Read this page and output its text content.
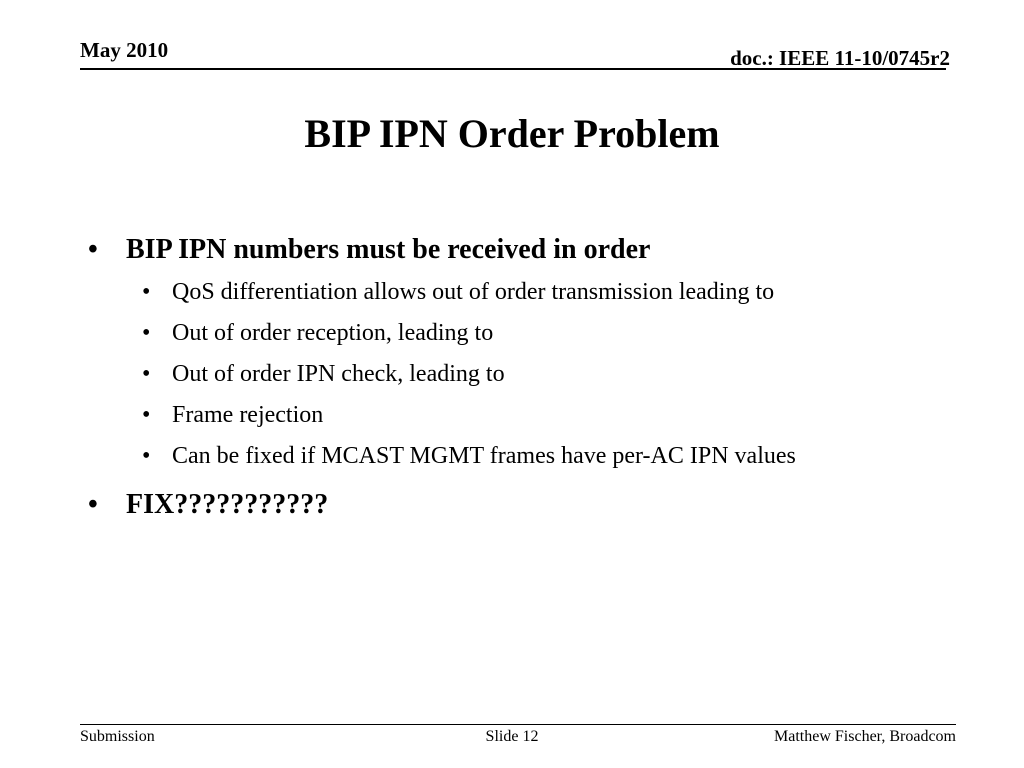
May 2010	doc.: IEEE 11-10/0745r2
BIP IPN Order Problem
• BIP IPN numbers must be received in order
• QoS differentiation allows out of order transmission leading to
• Out of order reception, leading to
• Out of order IPN check, leading to
• Frame rejection
• Can be fixed if MCAST MGMT frames have per-AC IPN values
• FIX???????????
Submission	Slide 12	Matthew Fischer, Broadcom
